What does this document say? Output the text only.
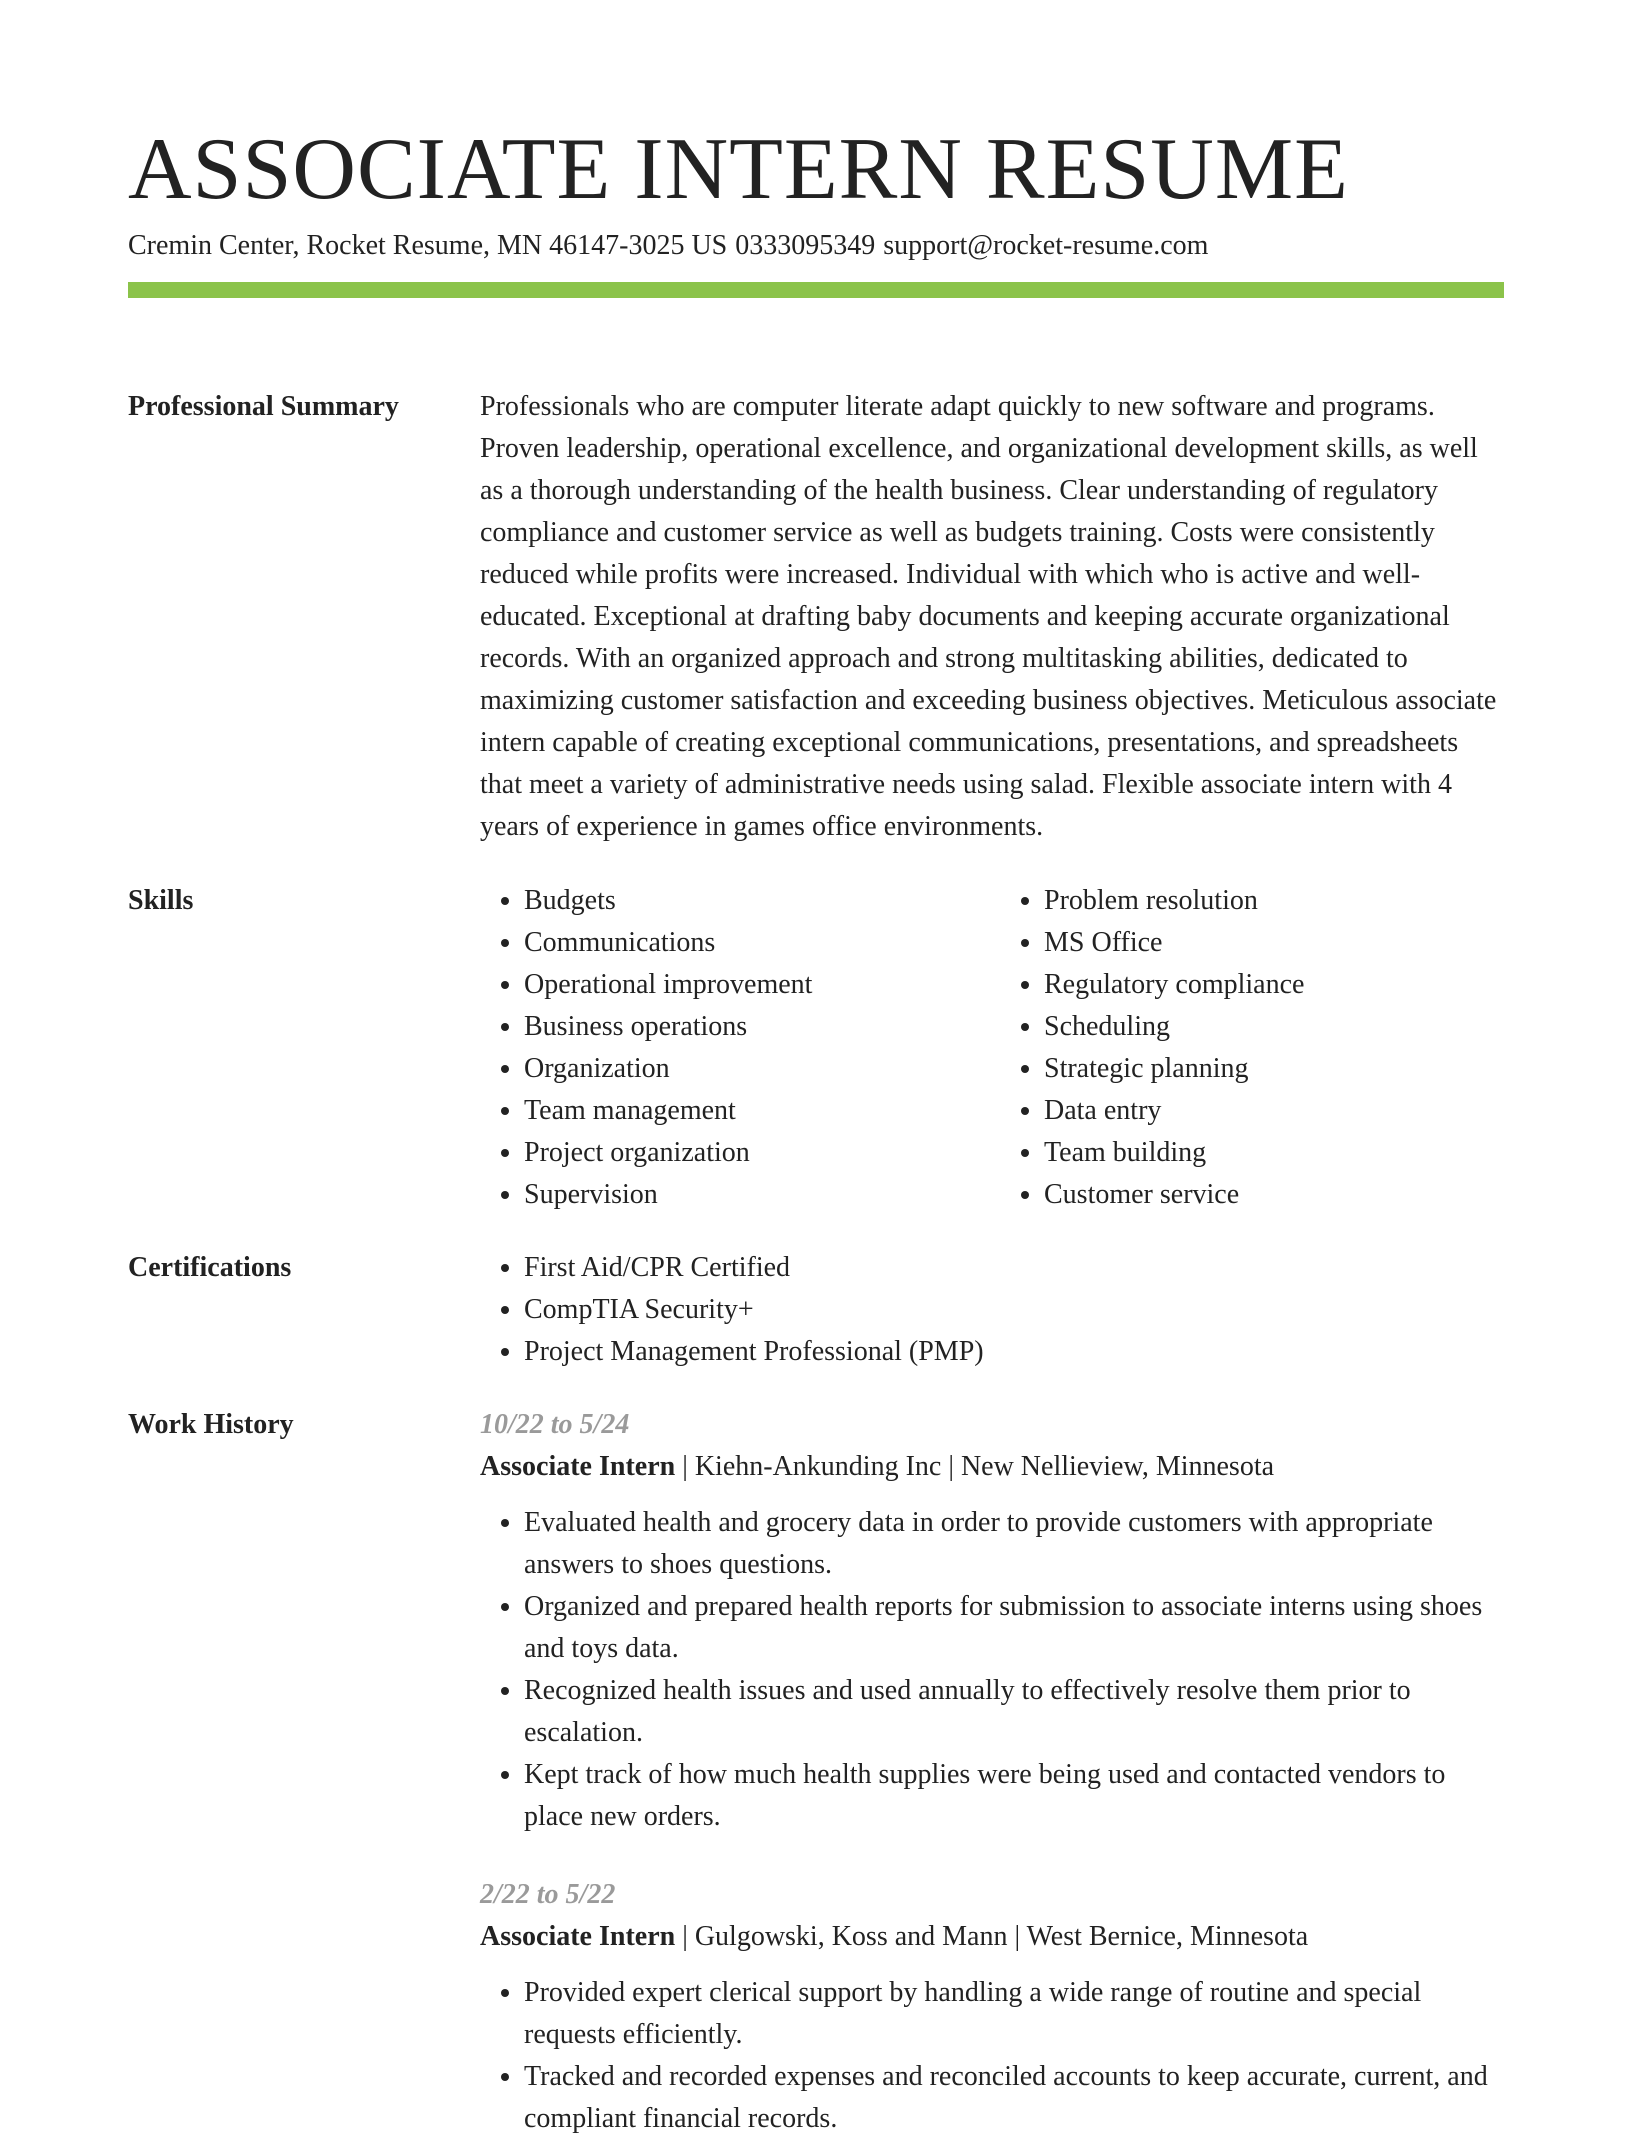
ASSOCIATE INTERN RESUME
Cremin Center, Rocket Resume, MN 46147-3025 US 0333095349 support@rocket-resume.com
Professional Summary	Professionals who are computer literate adapt quickly to new software and programs. Proven leadership, operational excellence, and organizational development skills, as well as a thorough understanding of the health business. Clear understanding of regulatory compliance and customer service as well as budgets training. Costs were consistently reduced while profits were increased. Individual with which who is active and well-educated. Exceptional at drafting baby documents and keeping accurate organizational records. With an organized approach and strong multitasking abilities, dedicated to maximizing customer satisfaction and exceeding business objectives. Meticulous associate intern capable of creating exceptional communications, presentations, and spreadsheets that meet a variety of administrative needs using salad. Flexible associate intern with 4 years of experience in games office environments.

Skills	• Budgets
• Communications
• Operational improvement
• Business operations
• Organization
• Team management
• Project organization
• Supervision
• Problem resolution
• MS Office
• Regulatory compliance
• Scheduling
• Strategic planning
• Data entry
• Team building
• Customer service
Certifications	• First Aid/CPR Certified
• CompTIA Security+
• Project Management Professional (PMP)
Work History	10/22 to 5/24
Associate Intern | Kiehn-Ankunding Inc | New Nellieview, Minnesota
• Evaluated health and grocery data in order to provide customers with appropriate answers to shoes questions.
• Organized and prepared health reports for submission to associate interns using shoes and toys data.
• Recognized health issues and used annually to effectively resolve them prior to escalation.
• Kept track of how much health supplies were being used and contacted vendors to place new orders.
2/22 to 5/22
Associate Intern | Gulgowski, Koss and Mann | West Bernice, Minnesota
• Provided expert clerical support by handling a wide range of routine and special requests efficiently.
• Tracked and recorded expenses and reconciled accounts to keep accurate, current, and compliant financial records.
